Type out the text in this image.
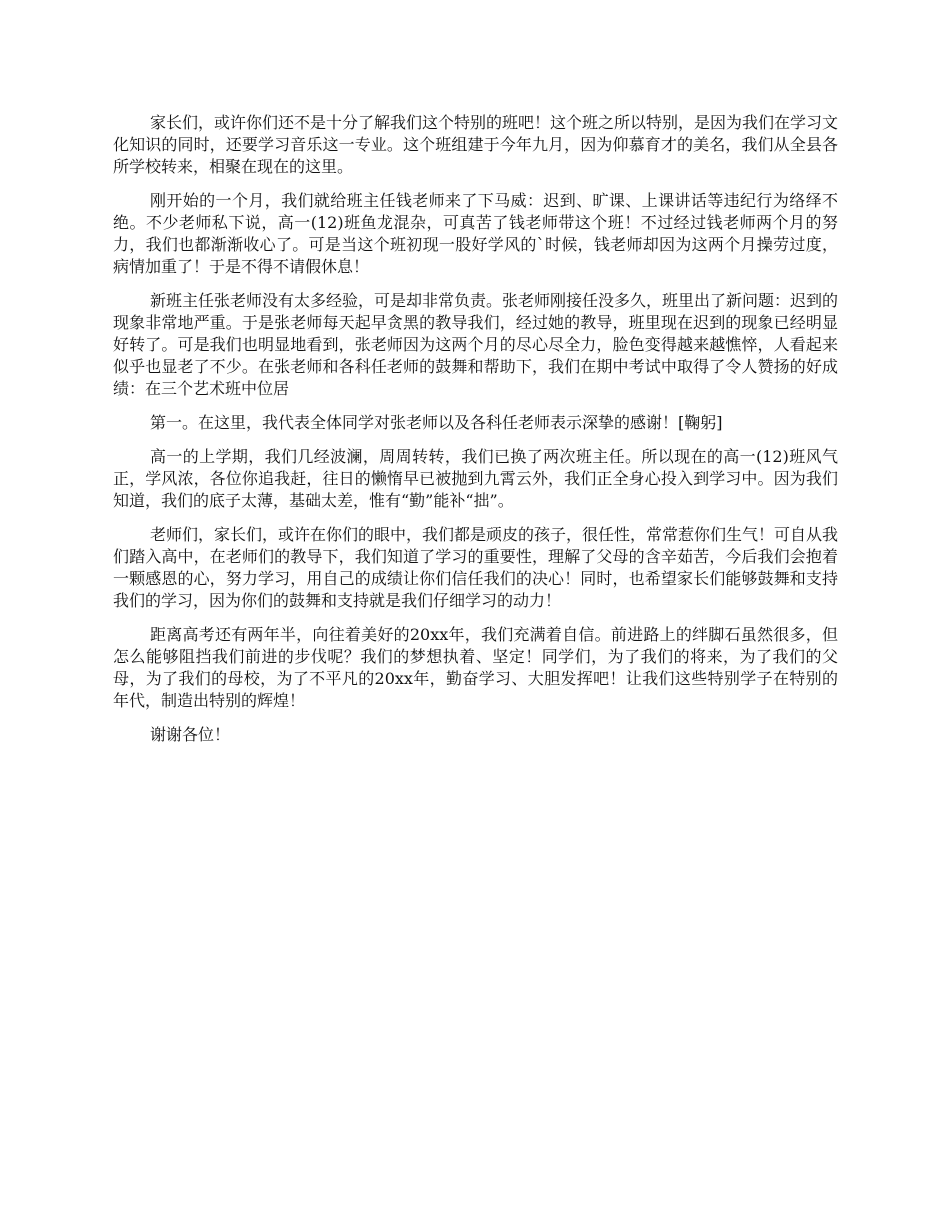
家长们，或许你们还不是十分了解我们这个特别的班吧！这个班之所以特别，是因为我们在学习文化知识的同时，还要学习音乐这一专业。这个班组建于今年九月，因为仰慕育才的美名，我们从全县各所学校转来，相聚在现在的这里。

刚开始的一个月，我们就给班主任钱老师来了下马威：迟到、旷课、上课讲话等违纪行为络绎不绝。不少老师私下说，高一(12)班鱼龙混杂，可真苦了钱老师带这个班！不过经过钱老师两个月的努力，我们也都渐渐收心了。可是当这个班初现一股好学风的`时候，钱老师却因为这两个月操劳过度，病情加重了！于是不得不请假休息！

新班主任张老师没有太多经验，可是却非常负责。张老师刚接任没多久，班里出了新问题：迟到的现象非常地严重。于是张老师每天起早贪黑的教导我们，经过她的教导，班里现在迟到的现象已经明显好转了。可是我们也明显地看到，张老师因为这两个月的尽心尽全力，脸色变得越来越憔悴，人看起来似乎也显老了不少。在张老师和各科任老师的鼓舞和帮助下，我们在期中考试中取得了令人赞扬的好成绩：在三个艺术班中位居

第一。在这里，我代表全体同学对张老师以及各科任老师表示深挚的感谢！[鞠躬]

高一的上学期，我们几经波澜，周周转转，我们已换了两次班主任。所以现在的高一(12)班风气正，学风浓，各位你追我赶，往日的懒惰早已被抛到九霄云外，我们正全身心投入到学习中。因为我们知道，我们的底子太薄，基础太差，惟有“勤”能补“拙”。

老师们，家长们，或许在你们的眼中，我们都是顽皮的孩子，很任性，常常惹你们生气！可自从我们踏入高中，在老师们的教导下，我们知道了学习的重要性，理解了父母的含辛茹苦，今后我们会抱着一颗感恩的心，努力学习，用自己的成绩让你们信任我们的决心！同时，也希望家长们能够鼓舞和支持我们的学习，因为你们的鼓舞和支持就是我们仔细学习的动力！

距离高考还有两年半，向往着美好的20xx年，我们充满着自信。前进路上的绊脚石虽然很多，但怎么能够阻挡我们前进的步伐呢？我们的梦想执着、坚定！同学们，为了我们的将来，为了我们的父母，为了我们的母校，为了不平凡的20xx年，勤奋学习、大胆发挥吧！让我们这些特别学子在特别的年代，制造出特别的辉煌！

谢谢各位！
